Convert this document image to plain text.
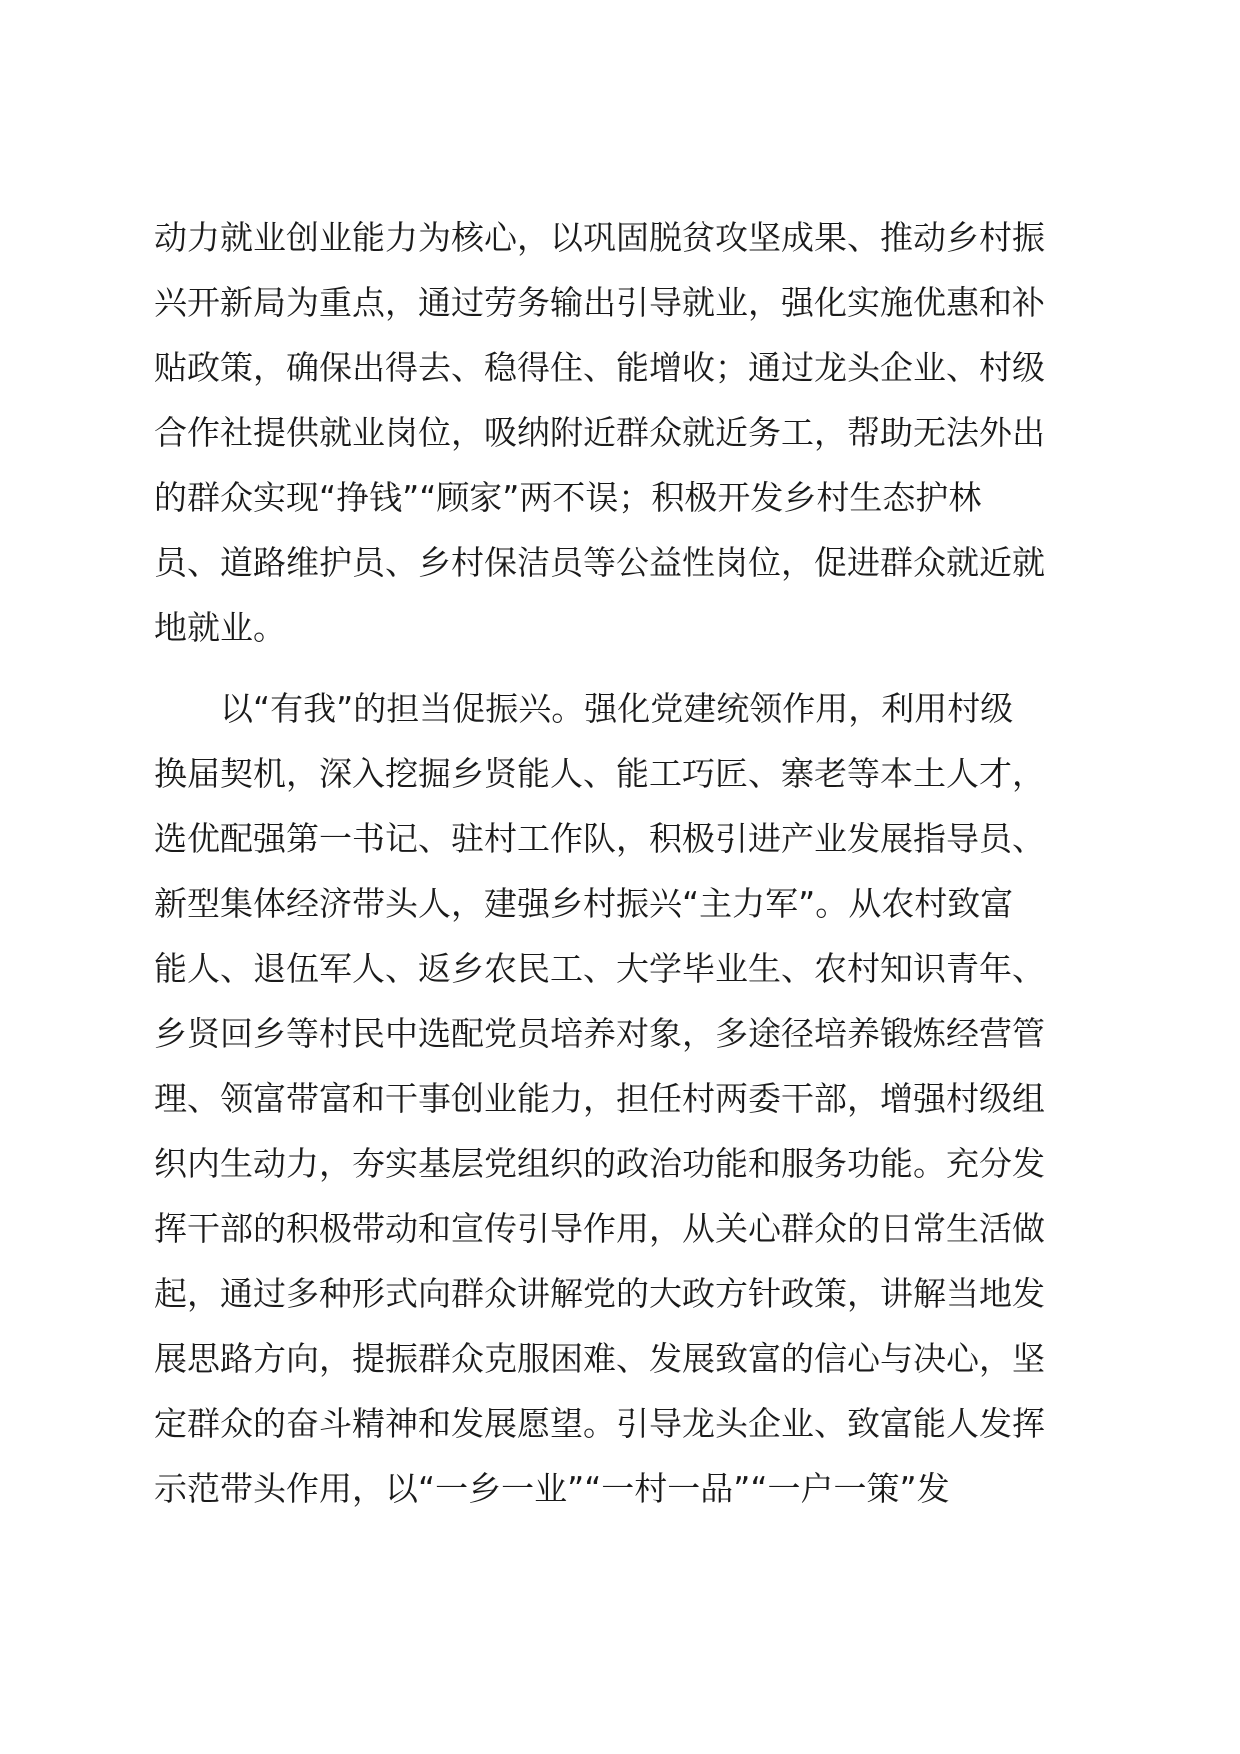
动力就业创业能力为核心，以巩固脱贫攻坚成果、推动乡村振
兴开新局为重点，通过劳务输出引导就业，强化实施优惠和补
贴政策，确保出得去、稳得住、能增收；通过龙头企业、村级
合作社提供就业岗位，吸纳附近群众就近务工，帮助无法外出
的群众实现“挣钱”“顾家”两不误；积极开发乡村生态护林
员、道路维护员、乡村保洁员等公益性岗位，促进群众就近就
地就业。
以“有我”的担当促振兴。强化党建统领作用，利用村级
换届契机，深入挖掘乡贤能人、能工巧匠、寨老等本土人才，
选优配强第一书记、驻村工作队，积极引进产业发展指导员、
新型集体经济带头人，建强乡村振兴“主力军”。从农村致富
能人、退伍军人、返乡农民工、大学毕业生、农村知识青年、
乡贤回乡等村民中选配党员培养对象，多途径培养锻炼经营管
理、领富带富和干事创业能力，担任村两委干部，增强村级组
织内生动力，夯实基层党组织的政治功能和服务功能。充分发
挥干部的积极带动和宣传引导作用，从关心群众的日常生活做
起，通过多种形式向群众讲解党的大政方针政策，讲解当地发
展思路方向，提振群众克服困难、发展致富的信心与决心，坚
定群众的奋斗精神和发展愿望。引导龙头企业、致富能人发挥
示范带头作用，以“一乡一业”“一村一品”“一户一策”发
